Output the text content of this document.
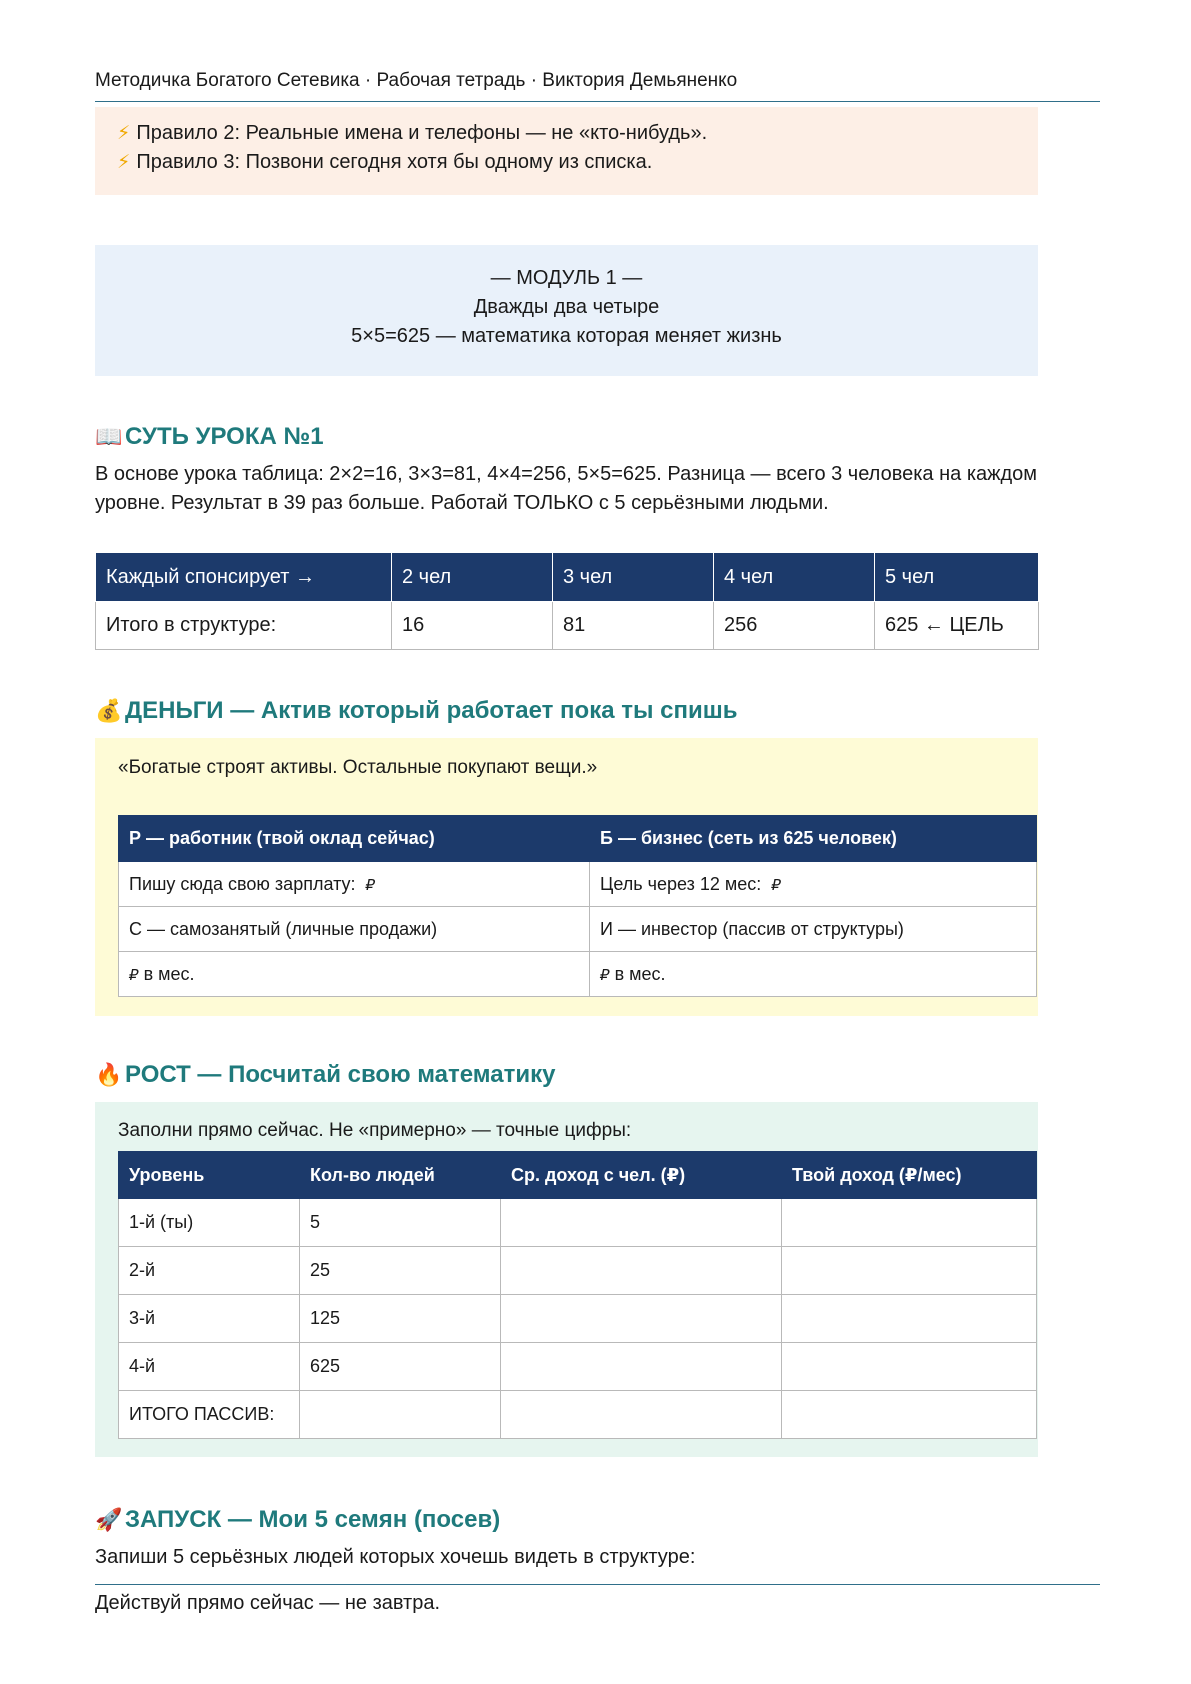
Методичка Богатого Сетевика · Рабочая тетрадь · Виктория Демьяненко
⚡ Правило 2: Реальные имена и телефоны — не «кто-нибудь».
⚡ Правило 3: Позвони сегодня хотя бы одному из списка.
— МОДУЛЬ 1 —
Дважды два четыре
5×5=625 — математика которая меняет жизнь
📖 СУТЬ УРОКА №1
В основе урока таблица: 2×2=16, 3×3=81, 4×4=256, 5×5=625. Разница — всего 3 человека на каждом уровне. Результат в 39 раз больше. Работай ТОЛЬКО с 5 серьёзными людьми.
Каждый спонсирует →	2 чел	3 чел	4 чел	5 чел
Итого в структуре:	16	81	256	625 ← ЦЕЛЬ
💰 ДЕНЬГИ — Актив который работает пока ты спишь
«Богатые строят активы. Остальные покупают вещи.»
Р — работник (твой оклад сейчас)	Б — бизнес (сеть из 625 человек)
Пишу сюда свою зарплату: ₽	Цель через 12 мес: ₽
С — самозанятый (личные продажи)	И — инвестор (пассив от структуры)
₽ в мес.	₽ в мес.
🔥 РОСТ — Посчитай свою математику
Заполни прямо сейчас. Не «примерно» — точные цифры:
Уровень	Кол-во людей	Ср. доход с чел. (₽)	Твой доход (₽/мес)
1-й (ты)	5		
2-й	25		
3-й	125		
4-й	625		
ИТОГО ПАССИВ:			
🚀 ЗАПУСК — Мои 5 семян (посев)
Запиши 5 серьёзных людей которых хочешь видеть в структуре:
Действуй прямо сейчас — не завтра.
